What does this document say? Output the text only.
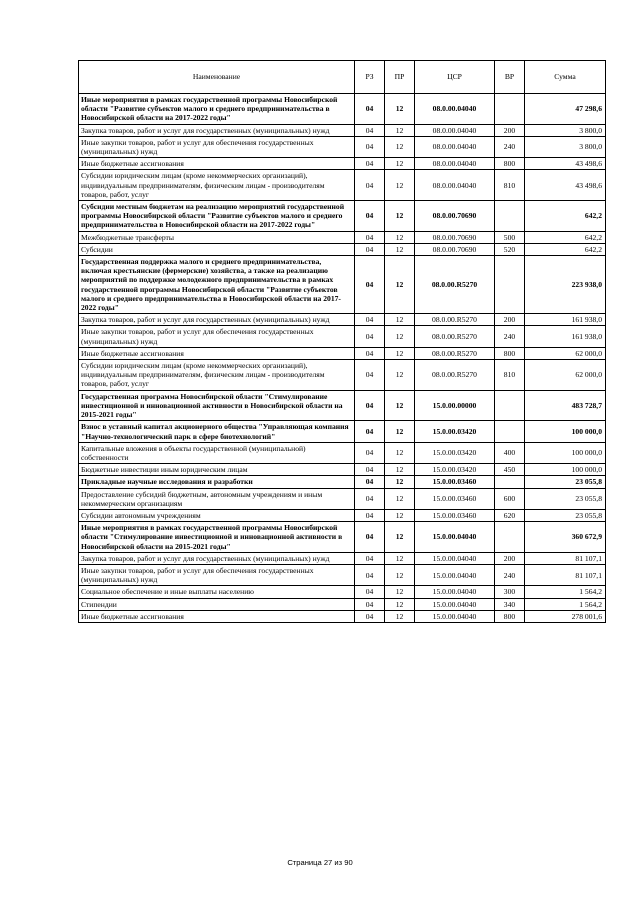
Наименование	РЗ	ПР	ЦСР	ВР	Сумма
Иные мероприятия в рамках государственной программы Новосибирской области "Развитие субъектов малого и среднего предпринимательства в Новосибирской области на 2017-2022 годы"	04	12	08.0.00.04040		47 298,6
Закупка товаров, работ и услуг для государственных (муниципальных) нужд	04	12	08.0.00.04040	200	3 800,0
Иные закупки товаров, работ и услуг для обеспечения государственных (муниципальных) нужд	04	12	08.0.00.04040	240	3 800,0
Иные бюджетные ассигнования	04	12	08.0.00.04040	800	43 498,6
Субсидии юридическим лицам (кроме некоммерческих организаций), индивидуальным предпринимателям, физическим лицам - производителям товаров, работ, услуг	04	12	08.0.00.04040	810	43 498,6
Субсидии местным бюджетам на реализацию мероприятий государственной программы Новосибирской области "Развитие субъектов малого и среднего предпринимательства в Новосибирской области на 2017-2022 годы"	04	12	08.0.00.70690		642,2
Межбюджетные трансферты	04	12	08.0.00.70690	500	642,2
Субсидии	04	12	08.0.00.70690	520	642,2
Государственная поддержка малого и среднего предпринимательства, включая крестьянские (фермерские) хозяйства, а также на реализацию мероприятий по поддержке молодежного предпринимательства в рамках государственной программы Новосибирской области "Развитие субъектов малого и среднего предпринимательства в Новосибирской области на 2017-2022 годы"	04	12	08.0.00.R5270		223 938,0
Закупка товаров, работ и услуг для государственных (муниципальных) нужд	04	12	08.0.00.R5270	200	161 938,0
Иные закупки товаров, работ и услуг для обеспечения государственных (муниципальных) нужд	04	12	08.0.00.R5270	240	161 938,0
Иные бюджетные ассигнования	04	12	08.0.00.R5270	800	62 000,0
Субсидии юридическим лицам (кроме некоммерческих организаций), индивидуальным предпринимателям, физическим лицам - производителям товаров, работ, услуг	04	12	08.0.00.R5270	810	62 000,0
Государственная программа Новосибирской области "Стимулирование инвестиционной и инновационной активности в Новосибирской области на 2015-2021 годы"	04	12	15.0.00.00000		483 728,7
Взнос в уставный капитал акционерного общества "Управляющая компания "Научно-технологический парк в сфере биотехнологий"	04	12	15.0.00.03420		100 000,0
Капитальные вложения в объекты государственной (муниципальной) собственности	04	12	15.0.00.03420	400	100 000,0
Бюджетные инвестиции иным юридическим лицам	04	12	15.0.00.03420	450	100 000,0
Прикладные научные исследования и разработки	04	12	15.0.00.03460		23 055,8
Предоставление субсидий бюджетным, автономным учреждениям и иным некоммерческим организациям	04	12	15.0.00.03460	600	23 055,8
Субсидии автономным учреждениям	04	12	15.0.00.03460	620	23 055,8
Иные мероприятия в рамках государственной программы Новосибирской области "Стимулирование инвестиционной и инновационной активности в Новосибирской области на 2015-2021 годы"	04	12	15.0.00.04040		360 672,9
Закупка товаров, работ и услуг для государственных (муниципальных) нужд	04	12	15.0.00.04040	200	81 107,1
Иные закупки товаров, работ и услуг для обеспечения государственных (муниципальных) нужд	04	12	15.0.00.04040	240	81 107,1
Социальное обеспечение и иные выплаты населению	04	12	15.0.00.04040	300	1 564,2
Стипендии	04	12	15.0.00.04040	340	1 564,2
Иные бюджетные ассигнования	04	12	15.0.00.04040	800	278 001,6
Страница 27 из 90
